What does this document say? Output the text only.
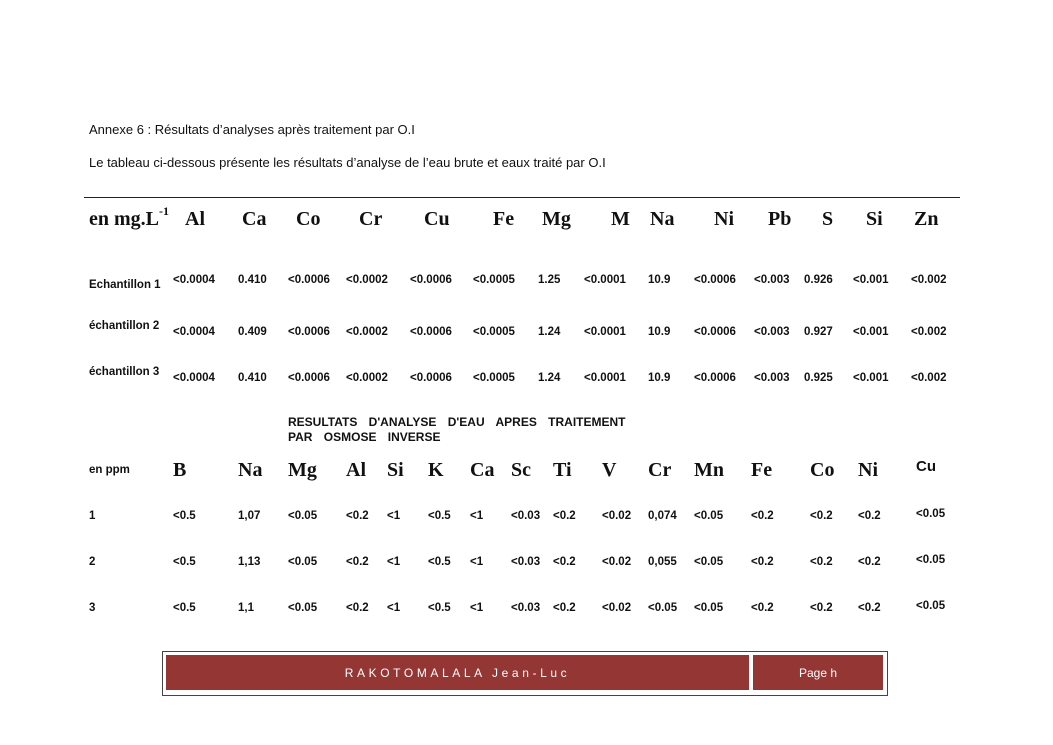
Annexe 6 : Résultats d’analyses après traitement par O.I
Le tableau ci-dessous présente les résultats d’analyse de l’eau brute et eaux traité par O.I
en $mg.L^{-1}$ Al Ca Co Cr Cu Fe Mg M Na Ni Pb S Si Zn
Echantillon 1 <0.0004 0.410 <0.0006 <0.0002 <0.0006 <0.0005 1.25 <0.0001 10.9 <0.0006 <0.003 0.926 <0.001 <0.002
échantillon 2	<0.0004 0.409 <0.0006 <0.0002 <0.0006 <0.0005 1.24 <0.0001 10.9 <0.0006 <0.003 0.927 <0.001 <0.002
échantillon 3	<0.0004 0.410 <0.0006 <0.0002 <0.0006 <0.0005 1.24 <0.0001 10.9 <0.0006 <0.003 0.925 <0.001 <0.002
RESULTATS D'ANALYSE D'EAU APRES TRAITEMENT PAR OSMOSE INVERSE
en ppm B	Na Mg Al Si K Ca Sc Ti V Cr Mn Fe Co Ni	Cu
1	<0.5	1,07 <0.05	<0.2 <1 <0.5 <1 <0.03 <0.2 <0.02 0,074 <0.05 <0.2	<0.2 <0.2	<0.05
2	<0.5	1,13 <0.05	<0.2 <1 <0.5 <1 <0.03 <0.2 <0.02 0,055 <0.05 <0.2	<0.2 <0.2	<0.05
3	<0.5	1,1	<0.05	<0.2 <1 <0.5 <1 <0.03 <0.2 <0.02 <0.05 <0.05 <0.2	<0.2 <0.2	<0.05
RAKOTOMALALA Jean-Luc	Page h
